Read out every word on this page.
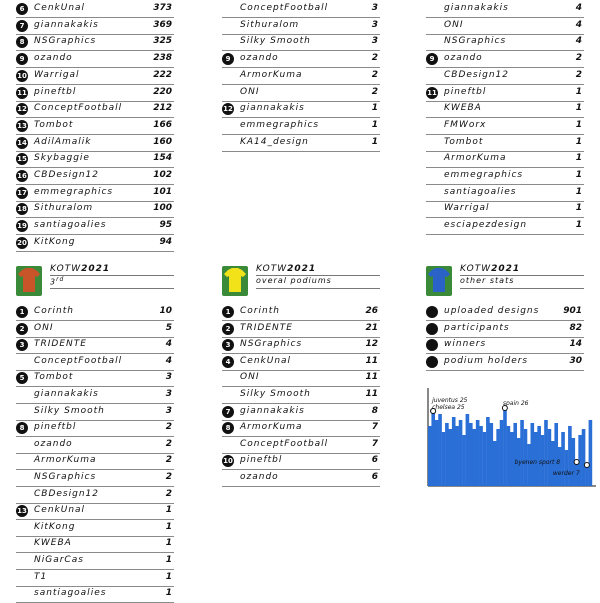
6	CenkUnal	373
7	giannakakis	369
8	NSGraphics	325
9	ozando	238
10 Warrigal	222
11 pineftbl	220
12 ConceptFootball	212
13 Tombot	166
14 AdilAmalik	160
15 Skybaggie	154
16 CBDesign12	102
17 emmegraphics	101
18 Sithuralom	100
19 santiagoalies	95
20 KitKong	94
ConceptFootball	3
Sithuralom	3
Silky Smooth	3
9	ozando	2
ArmorKuma	2
ONI	2
12 giannakakis	1
emmegraphics	1
KA14_design	1
giannakakis	4
ONI	4
NSGraphics	4
9	ozando	2
CBDesign12	2
11 pineftbl	1
KWEBA	1
FMWorx	1
Tombot	1
ArmorKuma	1
emmegraphics	1
santiagoalies	1
Warrigal	1
esciapezdesign	1
KOTW2021
3rd
KOTW2021
overal podiums
KOTW2021
other stats
1	Corinth	10
2	ONI	5
3	TRIDENTE	4
ConceptFootball	4
5	Tombot	3
giannakakis	3
Silky Smooth	3
8	pineftbl	2
ozando	2
ArmorKuma	2
NSGraphics	2
CBDesign12	2
13 CenkUnal	1
KitKong	1
KWEBA	1
NiGarCas	1
T1	1
santiagoalies	1
1	Corinth	26
2	TRIDENTE	21
3	NSGraphics	12
4	CenkUnal	11
ONI	11
Silky Smooth	11
7	giannakakis	8
8	ArmorKuma	7
ConceptFootball	7
10 pineftbl	6
ozando	6
uploaded designs	901
participants	82
winners	14
podium holders	30
juventus 25
chelsea 25
spain 26
byenen sport 8
werder 7
